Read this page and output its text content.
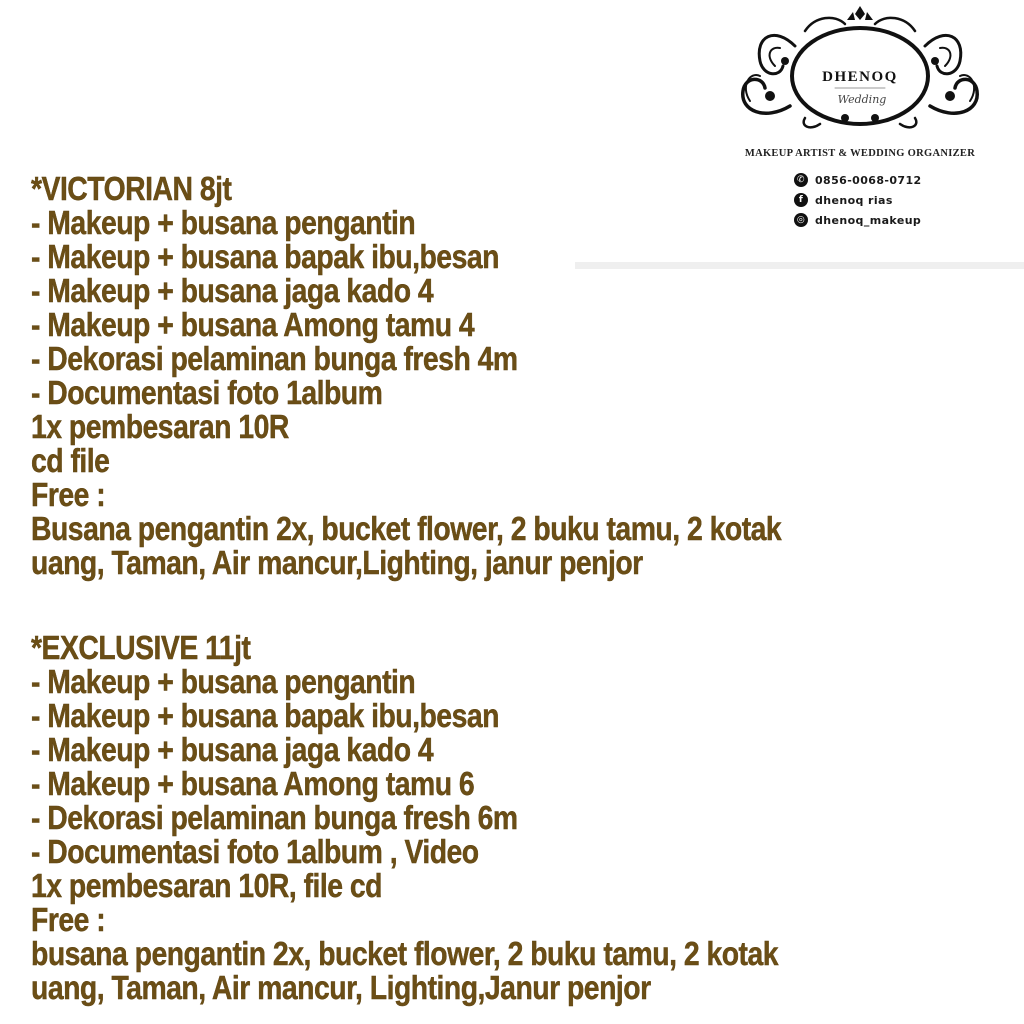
DHENOQ
Wedding
MAKEUP ARTIST & WEDDING ORGANIZER
✆ 0856-0068-0712
f	dhenoq rias
◎ dhenoq_makeup
*VICTORIAN 8jt
- Makeup + busana pengantin
- Makeup + busana bapak ibu,besan
- Makeup + busana jaga kado 4
- Makeup + busana Among tamu 4
- Dekorasi pelaminan bunga fresh 4m
- Documentasi foto 1album
1x pembesaran 10R
cd file
Free :
Busana pengantin 2x, bucket flower, 2 buku tamu, 2 kotak
uang, Taman, Air mancur,Lighting, janur penjor
*EXCLUSIVE 11jt
- Makeup + busana pengantin
- Makeup + busana bapak ibu,besan
- Makeup + busana jaga kado 4
- Makeup + busana Among tamu 6
- Dekorasi pelaminan bunga fresh 6m
- Documentasi foto 1album , Video
1x pembesaran 10R, file cd
Free :
busana pengantin 2x, bucket flower, 2 buku tamu, 2 kotak
uang, Taman, Air mancur, Lighting,Janur penjor
